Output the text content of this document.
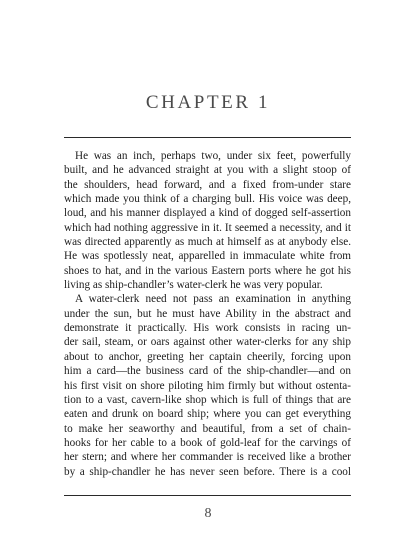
CHAPTER 1
He was an inch, perhaps two, under six feet, powerfully
built, and he advanced straight at you with a slight stoop of
the shoulders, head forward, and a fixed from-under stare
which made you think of a charging bull. His voice was deep,
loud, and his manner displayed a kind of dogged self-assertion
which had nothing aggressive in it. It seemed a necessity, and it
was directed apparently as much at himself as at anybody else.
He was spotlessly neat, apparelled in immaculate white from
shoes to hat, and in the various Eastern ports where he got his
living as ship-chandler’s water-clerk he was very popular.
A water-clerk need not pass an examination in anything
under the sun, but he must have Ability in the abstract and
demonstrate it practically. His work consists in racing un-
der sail, steam, or oars against other water-clerks for any ship
about to anchor, greeting her captain cheerily, forcing upon
him a card—the business card of the ship-chandler—and on
his first visit on shore piloting him firmly but without ostenta-
tion to a vast, cavern-like shop which is full of things that are
eaten and drunk on board ship; where you can get everything
to make her seaworthy and beautiful, from a set of chain-
hooks for her cable to a book of gold-leaf for the carvings of
her stern; and where her commander is received like a brother
by a ship-chandler he has never seen before. There is a cool
8
